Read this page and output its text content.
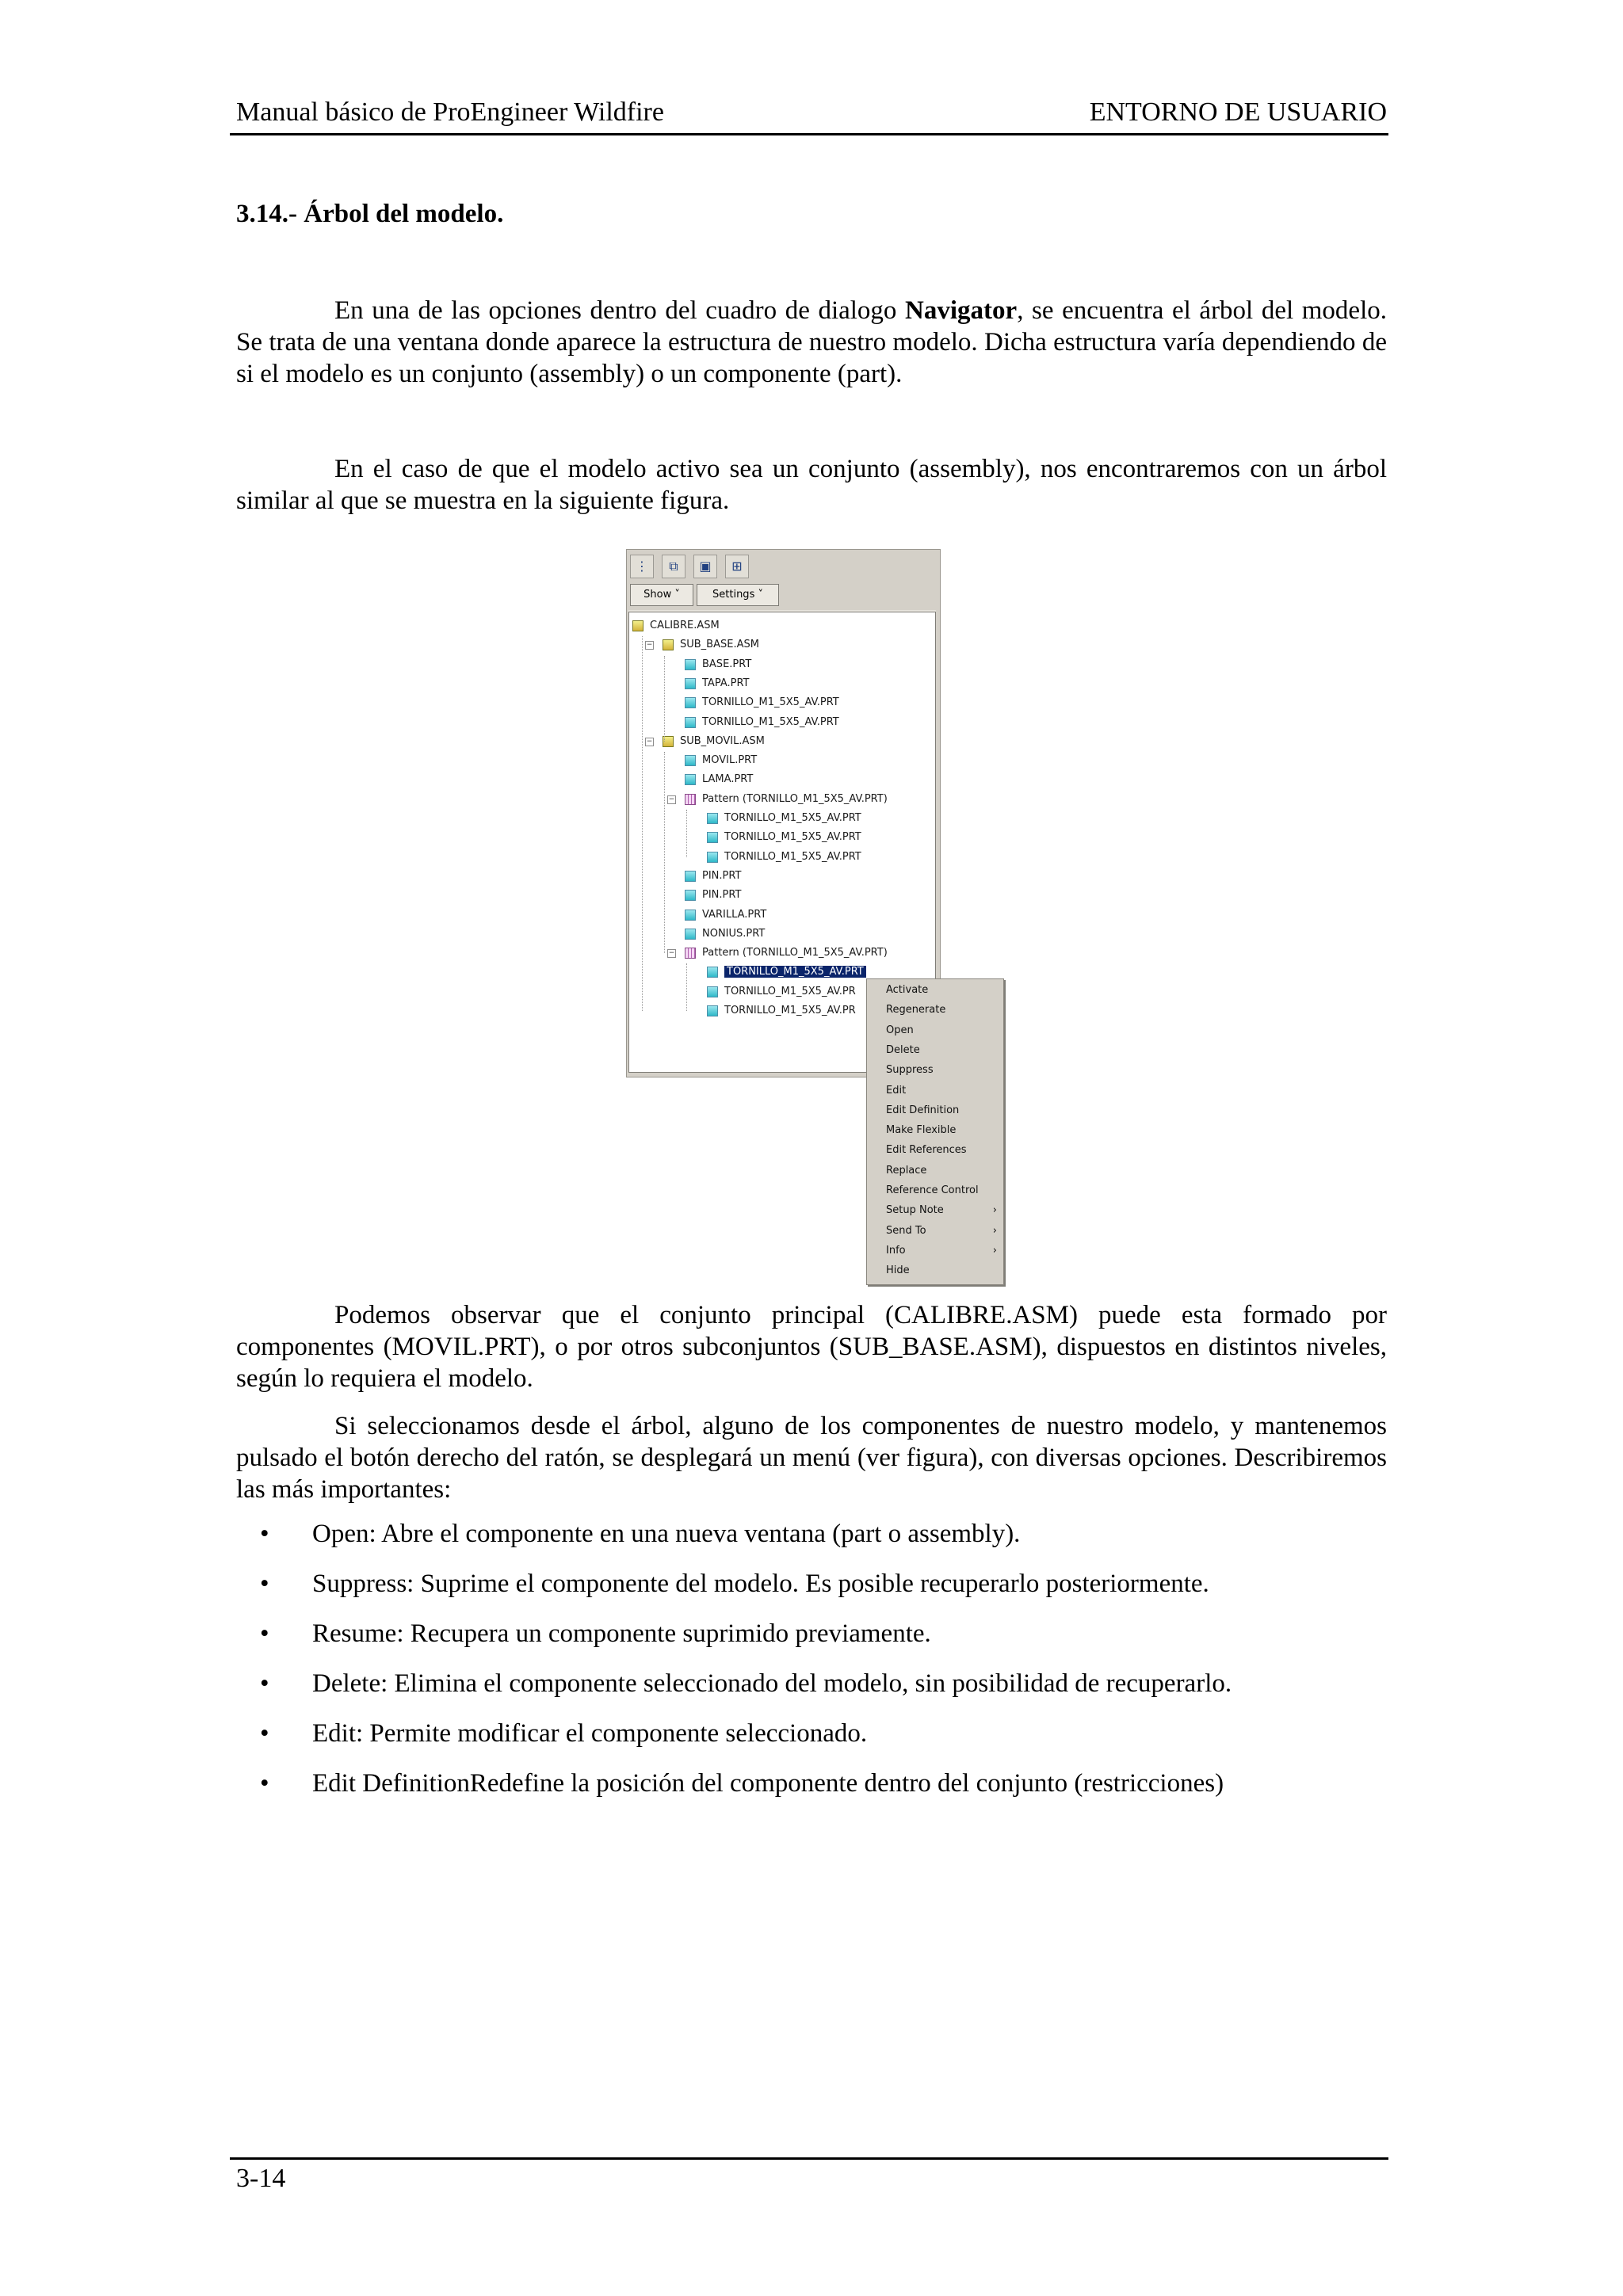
Manual básico de ProEngineer Wildfire	ENTORNO DE USUARIO
3.14.- Árbol del modelo.

En una de las opciones dentro del cuadro de dialogo Navigator, se encuentra el árbol del modelo. Se trata de una ventana donde aparece la estructura de nuestro modelo. Dicha estructura varía dependiendo de si el modelo es un conjunto (assembly) o un componente (part).

En el caso de que el modelo activo sea un conjunto (assembly), nos encontraremos con un árbol similar al que se muestra en la siguiente figura.

⋮	⧉	▣	⊞
Show ˅	Settings ˅
CALIBRE.ASM
SUB_BASE.ASM
−
BASE.PRT
TAPA.PRT
TORNILLO_M1_5X5_AV.PRT
TORNILLO_M1_5X5_AV.PRT
SUB_MOVIL.ASM
−
MOVIL.PRT
LAMA.PRT
Pattern (TORNILLO_M1_5X5_AV.PRT)
−
TORNILLO_M1_5X5_AV.PRT
TORNILLO_M1_5X5_AV.PRT
TORNILLO_M1_5X5_AV.PRT
PIN.PRT
PIN.PRT
VARILLA.PRT
NONIUS.PRT
Pattern (TORNILLO_M1_5X5_AV.PRT)
−
TORNILLO_M1_5X5_AV.PRT
TORNILLO_M1_5X5_AV.PR
TORNILLO_M1_5X5_AV.PR
Activate
Regenerate
Open
Delete
Suppress
Edit
Edit Definition
Make Flexible
Edit References
Replace
Reference Control
Setup Note	›
Send To	›
Info	›
Hide

Podemos observar que el conjunto principal (CALIBRE.ASM) puede esta formado por componentes (MOVIL.PRT), o por otros subconjuntos (SUB_BASE.ASM), dispuestos en distintos niveles, según lo requiera el modelo.

Si seleccionamos desde el árbol, alguno de los componentes de nuestro modelo, y mantenemos pulsado el botón derecho del ratón, se desplegará un menú (ver figura), con diversas opciones. Describiremos las más importantes:

• Open: Abre el componente en una nueva ventana (part o assembly).
• Suppress: Suprime el componente del modelo. Es posible recuperarlo posteriormente.
• Resume: Recupera un componente suprimido previamente.
• Delete: Elimina el componente seleccionado del modelo, sin posibilidad de recuperarlo.
• Edit: Permite modificar el componente seleccionado.
• Edit DefinitionRedefine la posición del componente dentro del conjunto (restricciones)
3-14
